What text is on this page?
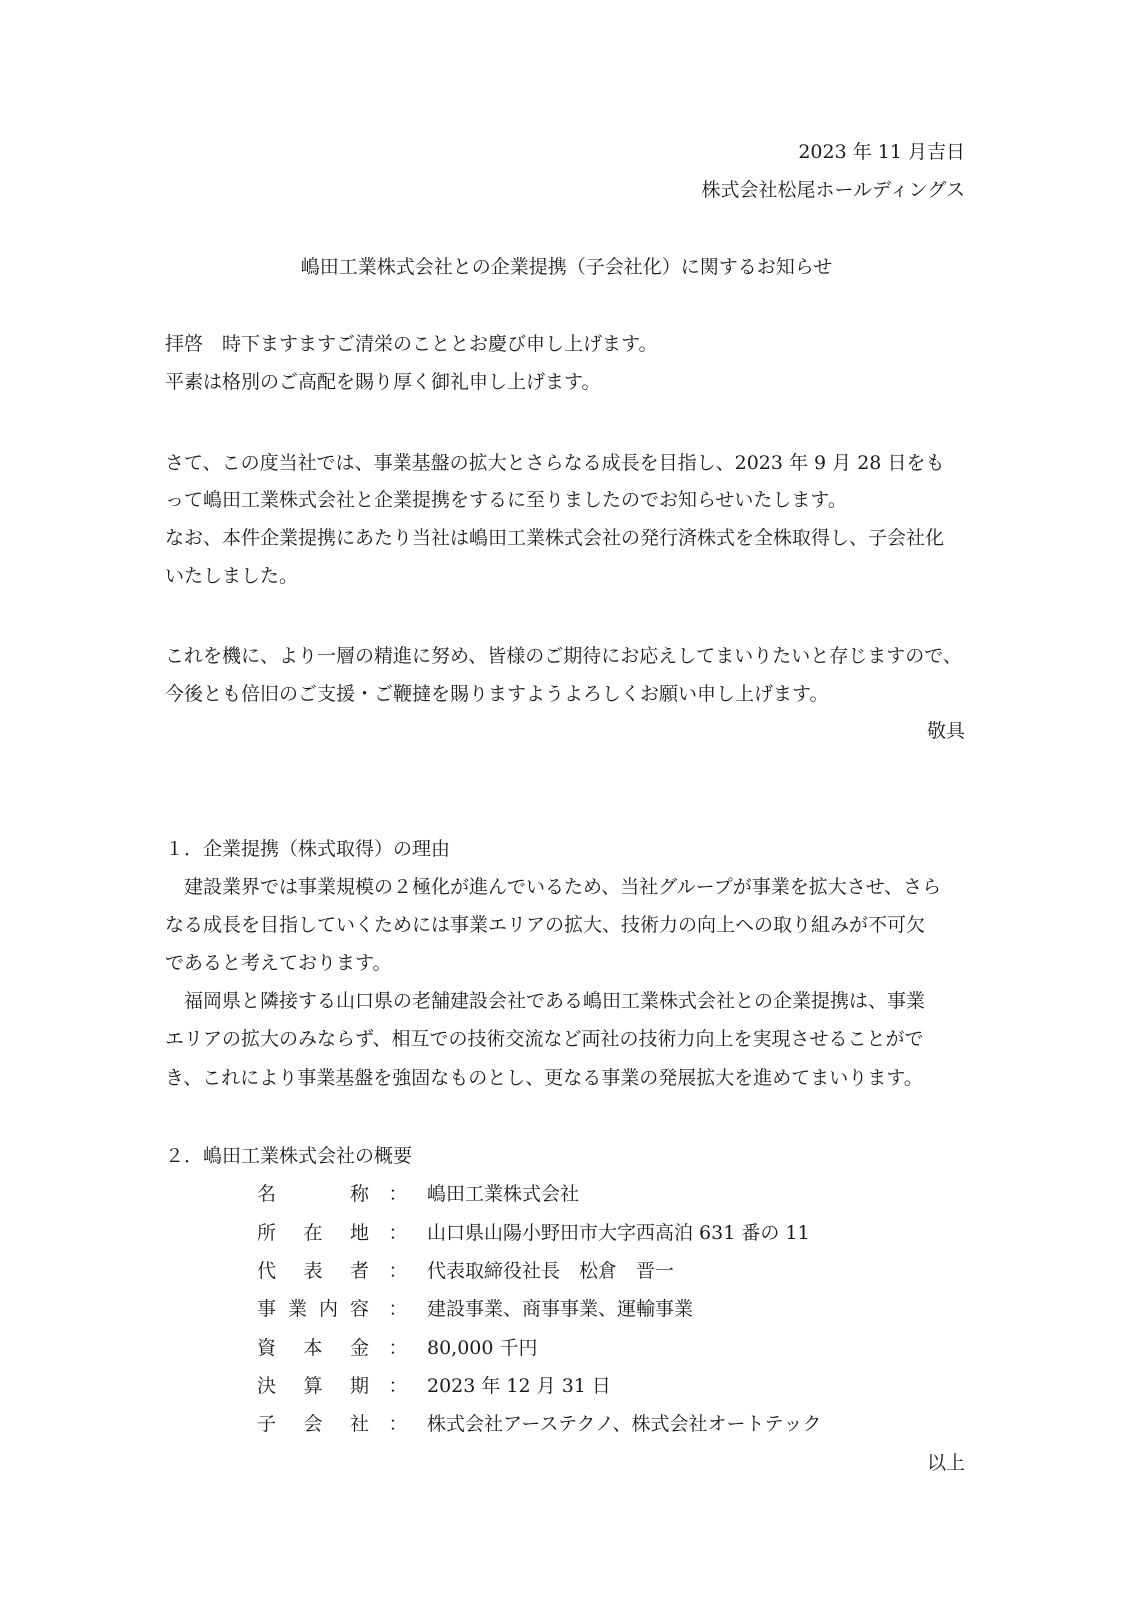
2023 年 11 月吉日
株式会社松尾ホールディングス
嶋田工業株式会社との企業提携（子会社化）に関するお知らせ
拝啓　時下ますますご清栄のこととお慶び申し上げます。
平素は格別のご高配を賜り厚く御礼申し上げます。
さて、この度当社では、事業基盤の拡大とさらなる成長を目指し、2023 年 9 月 28 日をも
って嶋田工業株式会社と企業提携をするに至りましたのでお知らせいたします。
なお、本件企業提携にあたり当社は嶋田工業株式会社の発行済株式を全株取得し、子会社化
いたしました。
これを機に、より一層の精進に努め、皆様のご期待にお応えしてまいりたいと存じますので、
今後とも倍旧のご支援・ご鞭撻を賜りますようよろしくお願い申し上げます。
敬具
１．企業提携（株式取得）の理由
　建設業界では事業規模の２極化が進んでいるため、当社グループが事業を拡大させ、さら
なる成長を目指していくためには事業エリアの拡大、技術力の向上への取り組みが不可欠
であると考えております。
　福岡県と隣接する山口県の老舗建設会社である嶋田工業株式会社との企業提携は、事業
エリアの拡大のみならず、相互での技術交流など両社の技術力向上を実現させることがで
き、これにより事業基盤を強固なものとし、更なる事業の発展拡大を進めてまいります。
２．嶋田工業株式会社の概要
名称 ： 嶋田工業株式会社
所在地 ： 山口県山陽小野田市大字西高泊 631 番の 11
代表者 ： 代表取締役社長　松倉　晋一
事業内容 ： 建設事業、商事事業、運輸事業
資本金 ： 80,000 千円
決算期 ： 2023 年 12 月 31 日
子会社 ： 株式会社アーステクノ、株式会社オートテック
以上
